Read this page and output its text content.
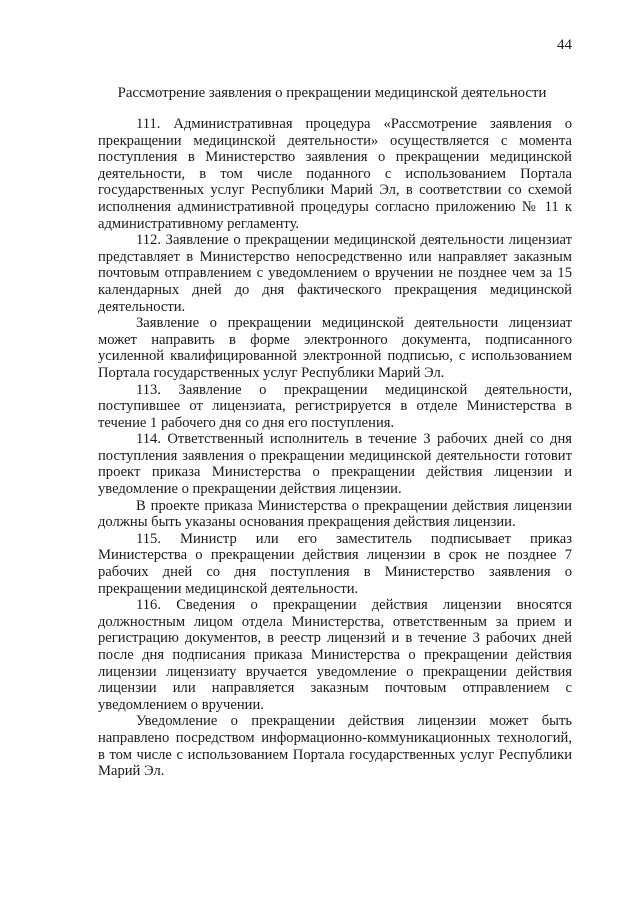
44
Рассмотрение заявления о прекращении медицинской деятельности

111. Административная процедура «Рассмотрение заявления о прекращении медицинской деятельности» осуществляется с момента поступления в Министерство заявления о прекращении медицинской деятельности, в том числе поданного с использованием Портала государственных услуг Республики Марий Эл, в соответствии со схемой исполнения административной процедуры согласно приложению № 11 к административному регламенту.

112. Заявление о прекращении медицинской деятельности лицензиат представляет в Министерство непосредственно или направляет заказным почтовым отправлением с уведомлением о вручении не позднее чем за 15 календарных дней до дня фактического прекращения медицинской деятельности.

Заявление о прекращении медицинской деятельности лицензиат может направить в форме электронного документа, подписанного усиленной квалифицированной электронной подписью, с использованием Портала государственных услуг Республики Марий Эл.

113. Заявление о прекращении медицинской деятельности, поступившее от лицензиата, регистрируется в отделе Министерства в течение 1 рабочего дня со дня его поступления.

114. Ответственный исполнитель в течение 3 рабочих дней со дня поступления заявления о прекращении медицинской деятельности готовит проект приказа Министерства о прекращении действия лицензии и уведомление о прекращении действия лицензии.

В проекте приказа Министерства о прекращении действия лицензии должны быть указаны основания прекращения действия лицензии.

115. Министр или его заместитель подписывает приказ Министерства о прекращении действия лицензии в срок не позднее 7 рабочих дней со дня поступления в Министерство заявления о прекращении медицинской деятельности.

116. Сведения о прекращении действия лицензии вносятся должностным лицом отдела Министерства, ответственным за прием и регистрацию документов, в реестр лицензий и в течение 3 рабочих дней после дня подписания приказа Министерства о прекращении действия лицензии лицензиату вручается уведомление о прекращении действия лицензии или направляется заказным почтовым отправлением с уведомлением о вручении.

Уведомление о прекращении действия лицензии может быть направлено посредством информационно-коммуникационных технологий, в том числе с использованием Портала государственных услуг Республики Марий Эл.
